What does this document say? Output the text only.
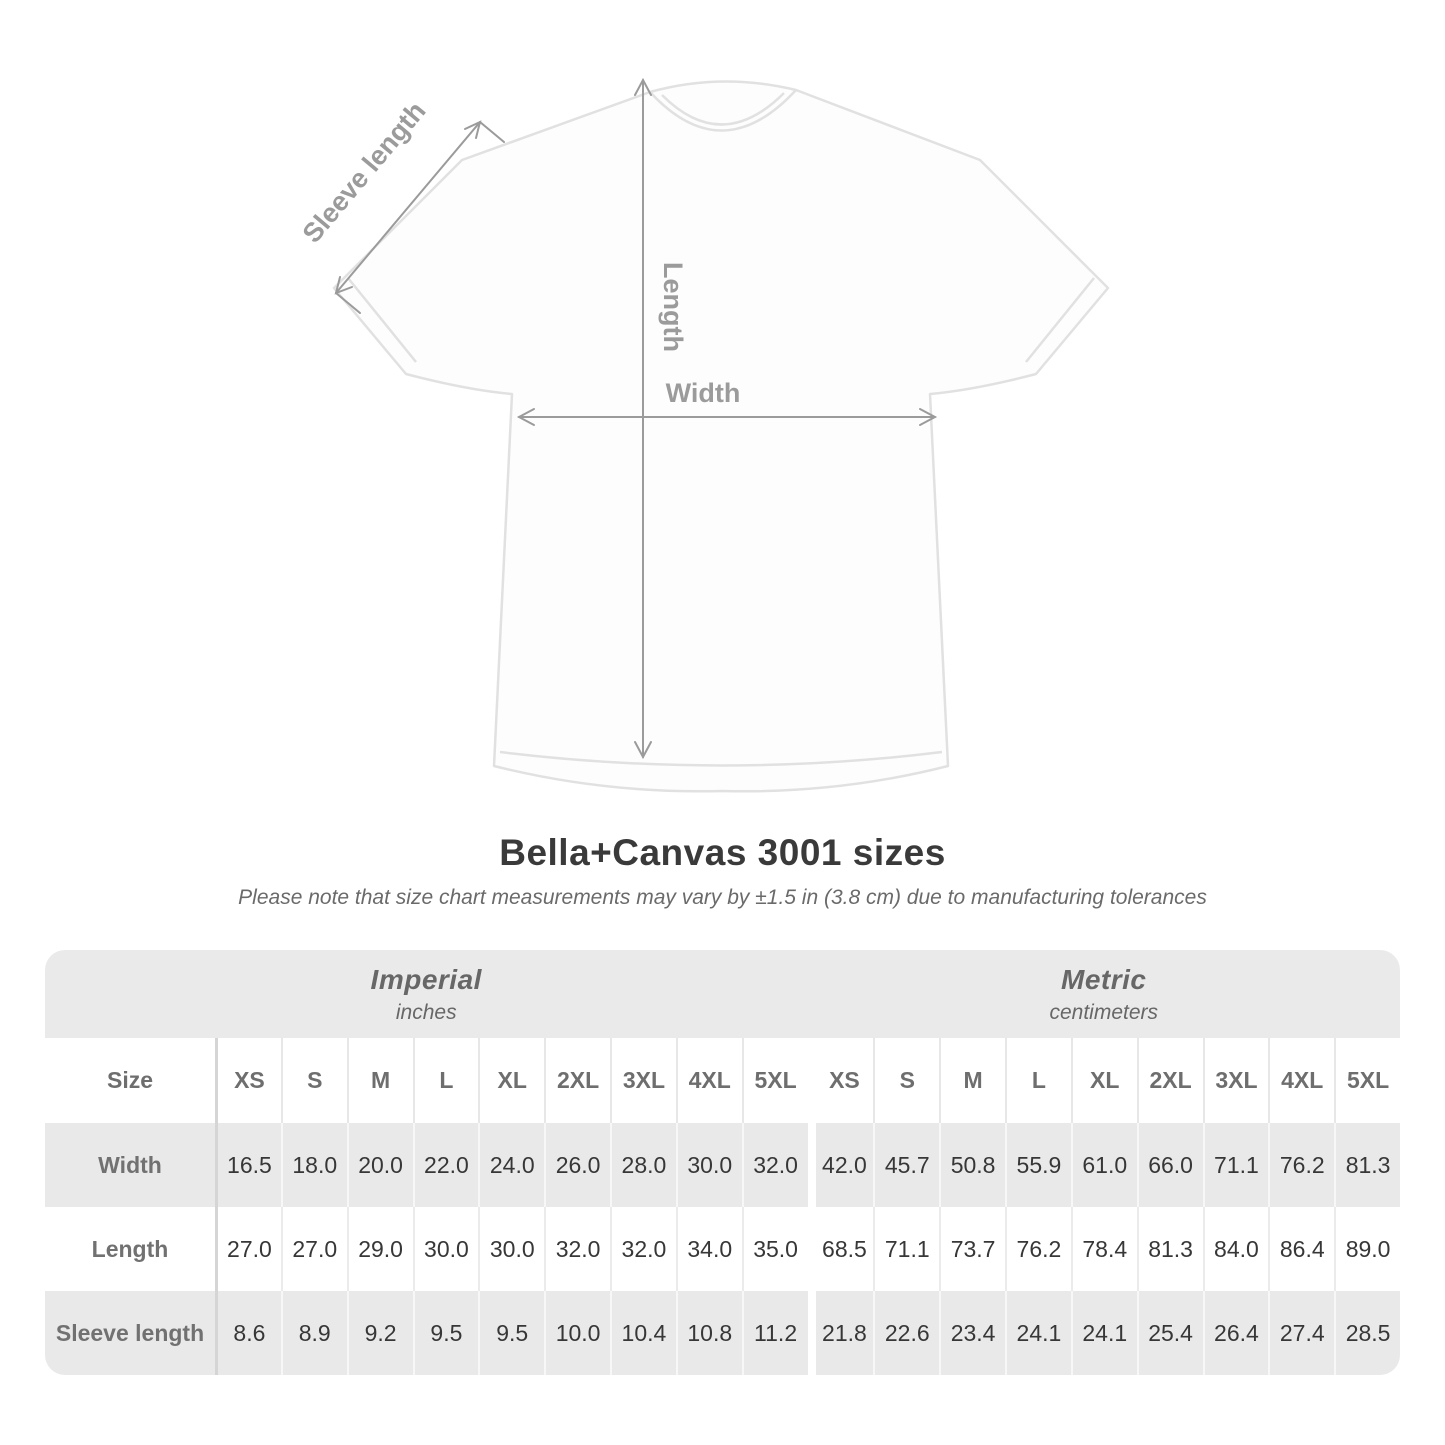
Width
Length
Sleeve length
Bella+Canvas 3001 sizes

Please note that size chart measurements may vary by ±1.5 in (3.8 cm) due to manufacturing tolerances

Imperial
inches
Metric
centimeters
Size	XS	S	M	L	XL	2XL	3XL	4XL	5XL	XS	S	M	L	XL	2XL	3XL	4XL	5XL
Width	16.5 18.0 20.0 22.0 24.0 26.0 28.0 30.0 32.0	42.0 45.7 50.8 55.9 61.0 66.0 71.1 76.2 81.3
Length	27.0 27.0 29.0 30.0 30.0 32.0 32.0 34.0 35.0	68.5 71.1 73.7 76.2 78.4 81.3 84.0 86.4 89.0
Sleeve length	8.6	8.9	9.2	9.5	9.5	10.0 10.4 10.8 11.2	21.8 22.6 23.4 24.1 24.1 25.4 26.4 27.4 28.5
